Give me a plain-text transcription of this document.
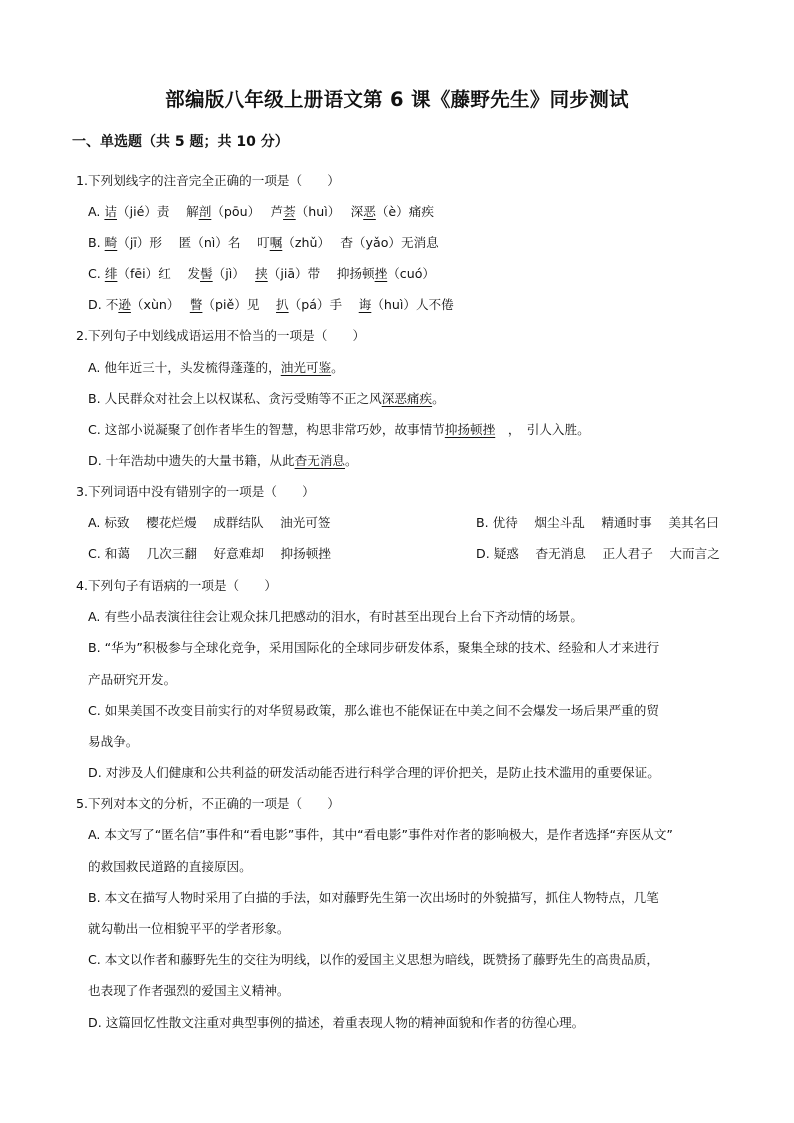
部编版八年级上册语文第 6 课《藤野先生》同步测试
一、单选题（共 5 题；共 10 分）
1.下列划线字的注音完全正确的一项是（　　）
A. 诘（jié）责　 解剖（pōu）　 芦荟（huì）　 深恶（è）痛疾
B. 畸（jī）形　 匿（nì）名　 叮嘱（zhǔ）　 杳（yǎo）无消息
C. 绯（fēi）红　 发髻（jì）　 挟（jiā）带　 抑扬顿挫（cuó）
D. 不逊（xùn）　 瞥（piě）见　 扒（pá）手　 诲（huì）人不倦
2.下列句子中划线成语运用不恰当的一项是（　　）
A. 他年近三十，头发梳得蓬蓬的，油光可鉴。
B. 人民群众对社会上以权谋私、贪污受贿等不正之风深恶痛疾。
C. 这部小说凝聚了创作者毕生的智慧，构思非常巧妙，故事情节抑扬顿挫　，　引人入胜。
D. 十年浩劫中遗失的大量书籍，从此杳无消息。
3.下列词语中没有错别字的一项是（　　）
A. 标致　 樱花烂熳　 成群结队　 油光可签	B. 优待　 烟尘斗乱　 精通时事　 美其名曰
C. 和蔼　 几次三翻　 好意难却　 抑扬顿挫	D. 疑惑　 杳无消息　 正人君子　 大而言之
4.下列句子有语病的一项是（　　）
A. 有些小品表演往往会让观众抹几把感动的泪水，有时甚至出现台上台下齐动情的场景。
B. “华为”积极参与全球化竞争，采用国际化的全球同步研发体系，聚集全球的技术、经验和人才来进行
产品研究开发。
C. 如果美国不改变目前实行的对华贸易政策，那么谁也不能保证在中美之间不会爆发一场后果严重的贸
易战争。
D. 对涉及人们健康和公共利益的研发活动能否进行科学合理的评价把关，是防止技术滥用的重要保证。
5.下列对本文的分析，不正确的一项是（　　）
A. 本文写了“匿名信”事件和“看电影”事件，其中“看电影”事件对作者的影响极大，是作者选择“弃医从文”
的救国救民道路的直接原因。
B. 本文在描写人物时采用了白描的手法，如对藤野先生第一次出场时的外貌描写，抓住人物特点，几笔
就勾勒出一位相貌平平的学者形象。
C. 本文以作者和藤野先生的交往为明线，以作的爱国主义思想为暗线，既赞扬了藤野先生的高贵品质，
也表现了作者强烈的爱国主义精神。
D. 这篇回忆性散文注重对典型事例的描述，着重表现人物的精神面貌和作者的彷徨心理。
